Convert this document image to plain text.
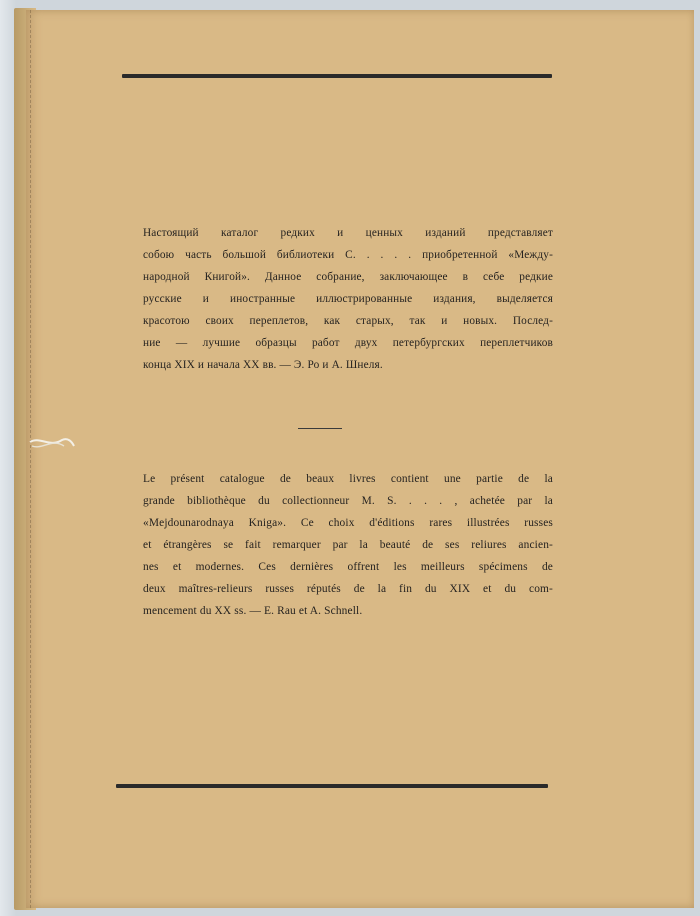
Настоящий каталог редких и ценных изданий представляет
собою часть большой библиотеки С. . . . . приобретенной «Между-
народной Книгой». Данное собрание, заключающее в себе редкие
русские и иностранные иллюстрированные издания, выделяется
красотою своих переплетов, как старых, так и новых. Послед-
ние — лучшие образцы работ двух петербургских переплетчиков
конца XIX и начала XX вв. — Э. Ро и А. Шнеля.
Le présent catalogue de beaux livres contient une partie de la
grande bibliothèque du collectionneur M. S. . . . , achetée par la
«Mejdounarodnaya Kniga». Ce choix d'éditions rares illustrées russes
et étrangères se fait remarquer par la beauté de ses reliures ancien-
nes et modernes. Ces dernières offrent les meilleurs spécimens de
deux maîtres-relieurs russes réputés de la fin du XIX et du com-
mencement du XX ss. — E. Rau et A. Schnell.
